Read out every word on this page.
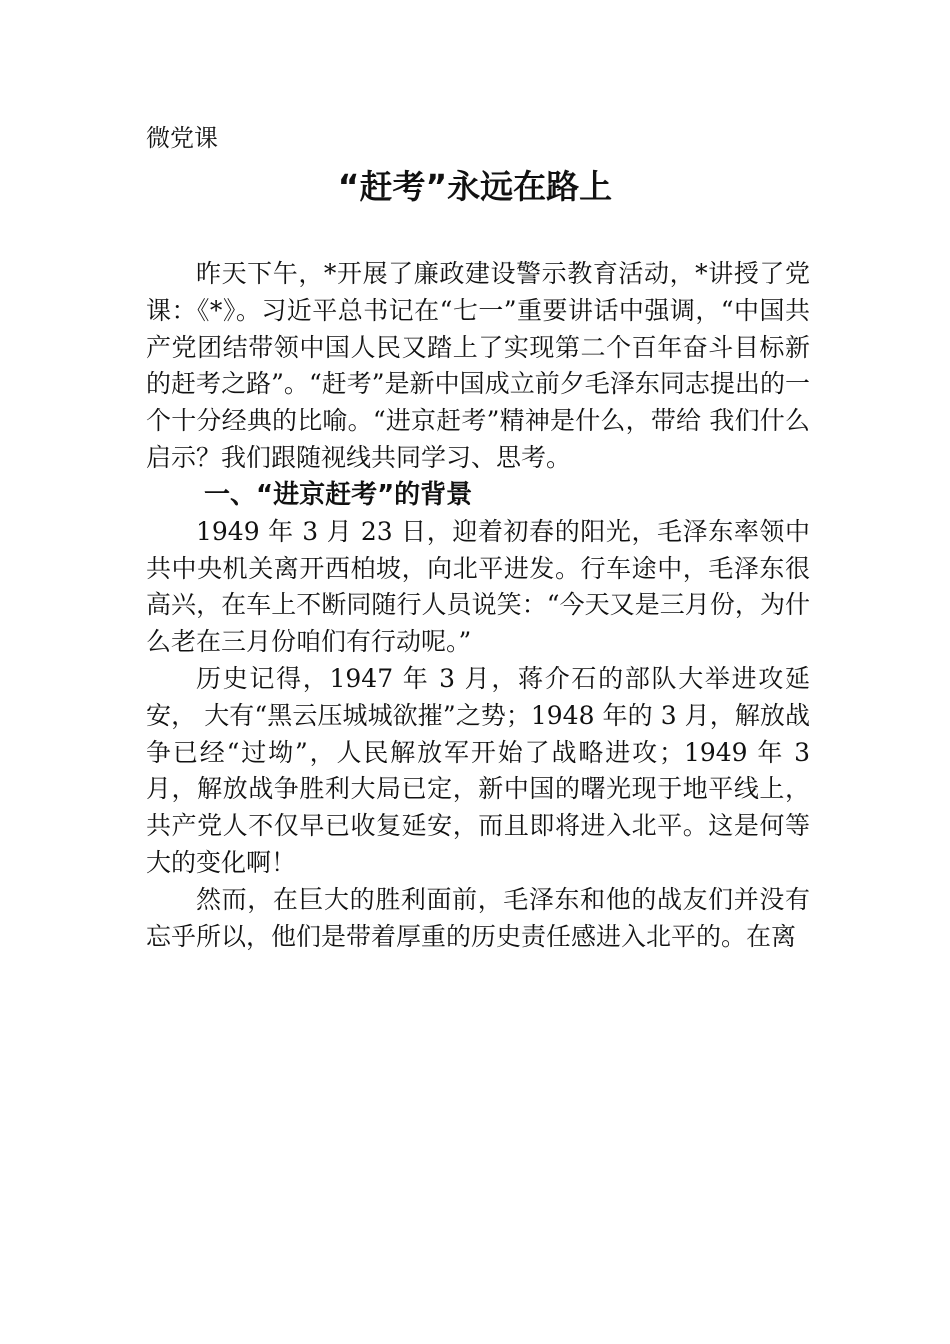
微党课
“赶考”永远在路上

昨天下午，*开展了廉政建设警示教育活动，*讲授了党课：《*》。习近平总书记在“七一”重要讲话中强调，“中国共产党团结带领中国人民又踏上了实现第二个百年奋斗目标新的赶考之路”。“赶考”是新中国成立前夕毛泽东同志提出的一个十分经典的比喻。“进京赶考”精神是什么，带给 我们什么启示？我们跟随视线共同学习、思考。

一、“进京赶考”的背景

1949 年 3 月 23 日，迎着初春的阳光，毛泽东率领中共中央机关离开西柏坡，向北平进发。行车途中，毛泽东很高兴，在车上不断同随行人员说笑：“今天又是三月份，为什么老在三月份咱们有行动呢。”

历史记得，1947 年 3 月，蒋介石的部队大举进攻延安， 大有“黑云压城城欲摧”之势；1948 年的 3 月，解放战争已经“过坳”，人民解放军开始了战略进攻；1949 年 3 月，解放战争胜利大局已定，新中国的曙光现于地平线上，共产党人不仅早已收复延安，而且即将进入北平。这是何等大的变化啊！

然而，在巨大的胜利面前，毛泽东和他的战友们并没有忘乎所以，他们是带着厚重的历史责任感进入北平的。在离
